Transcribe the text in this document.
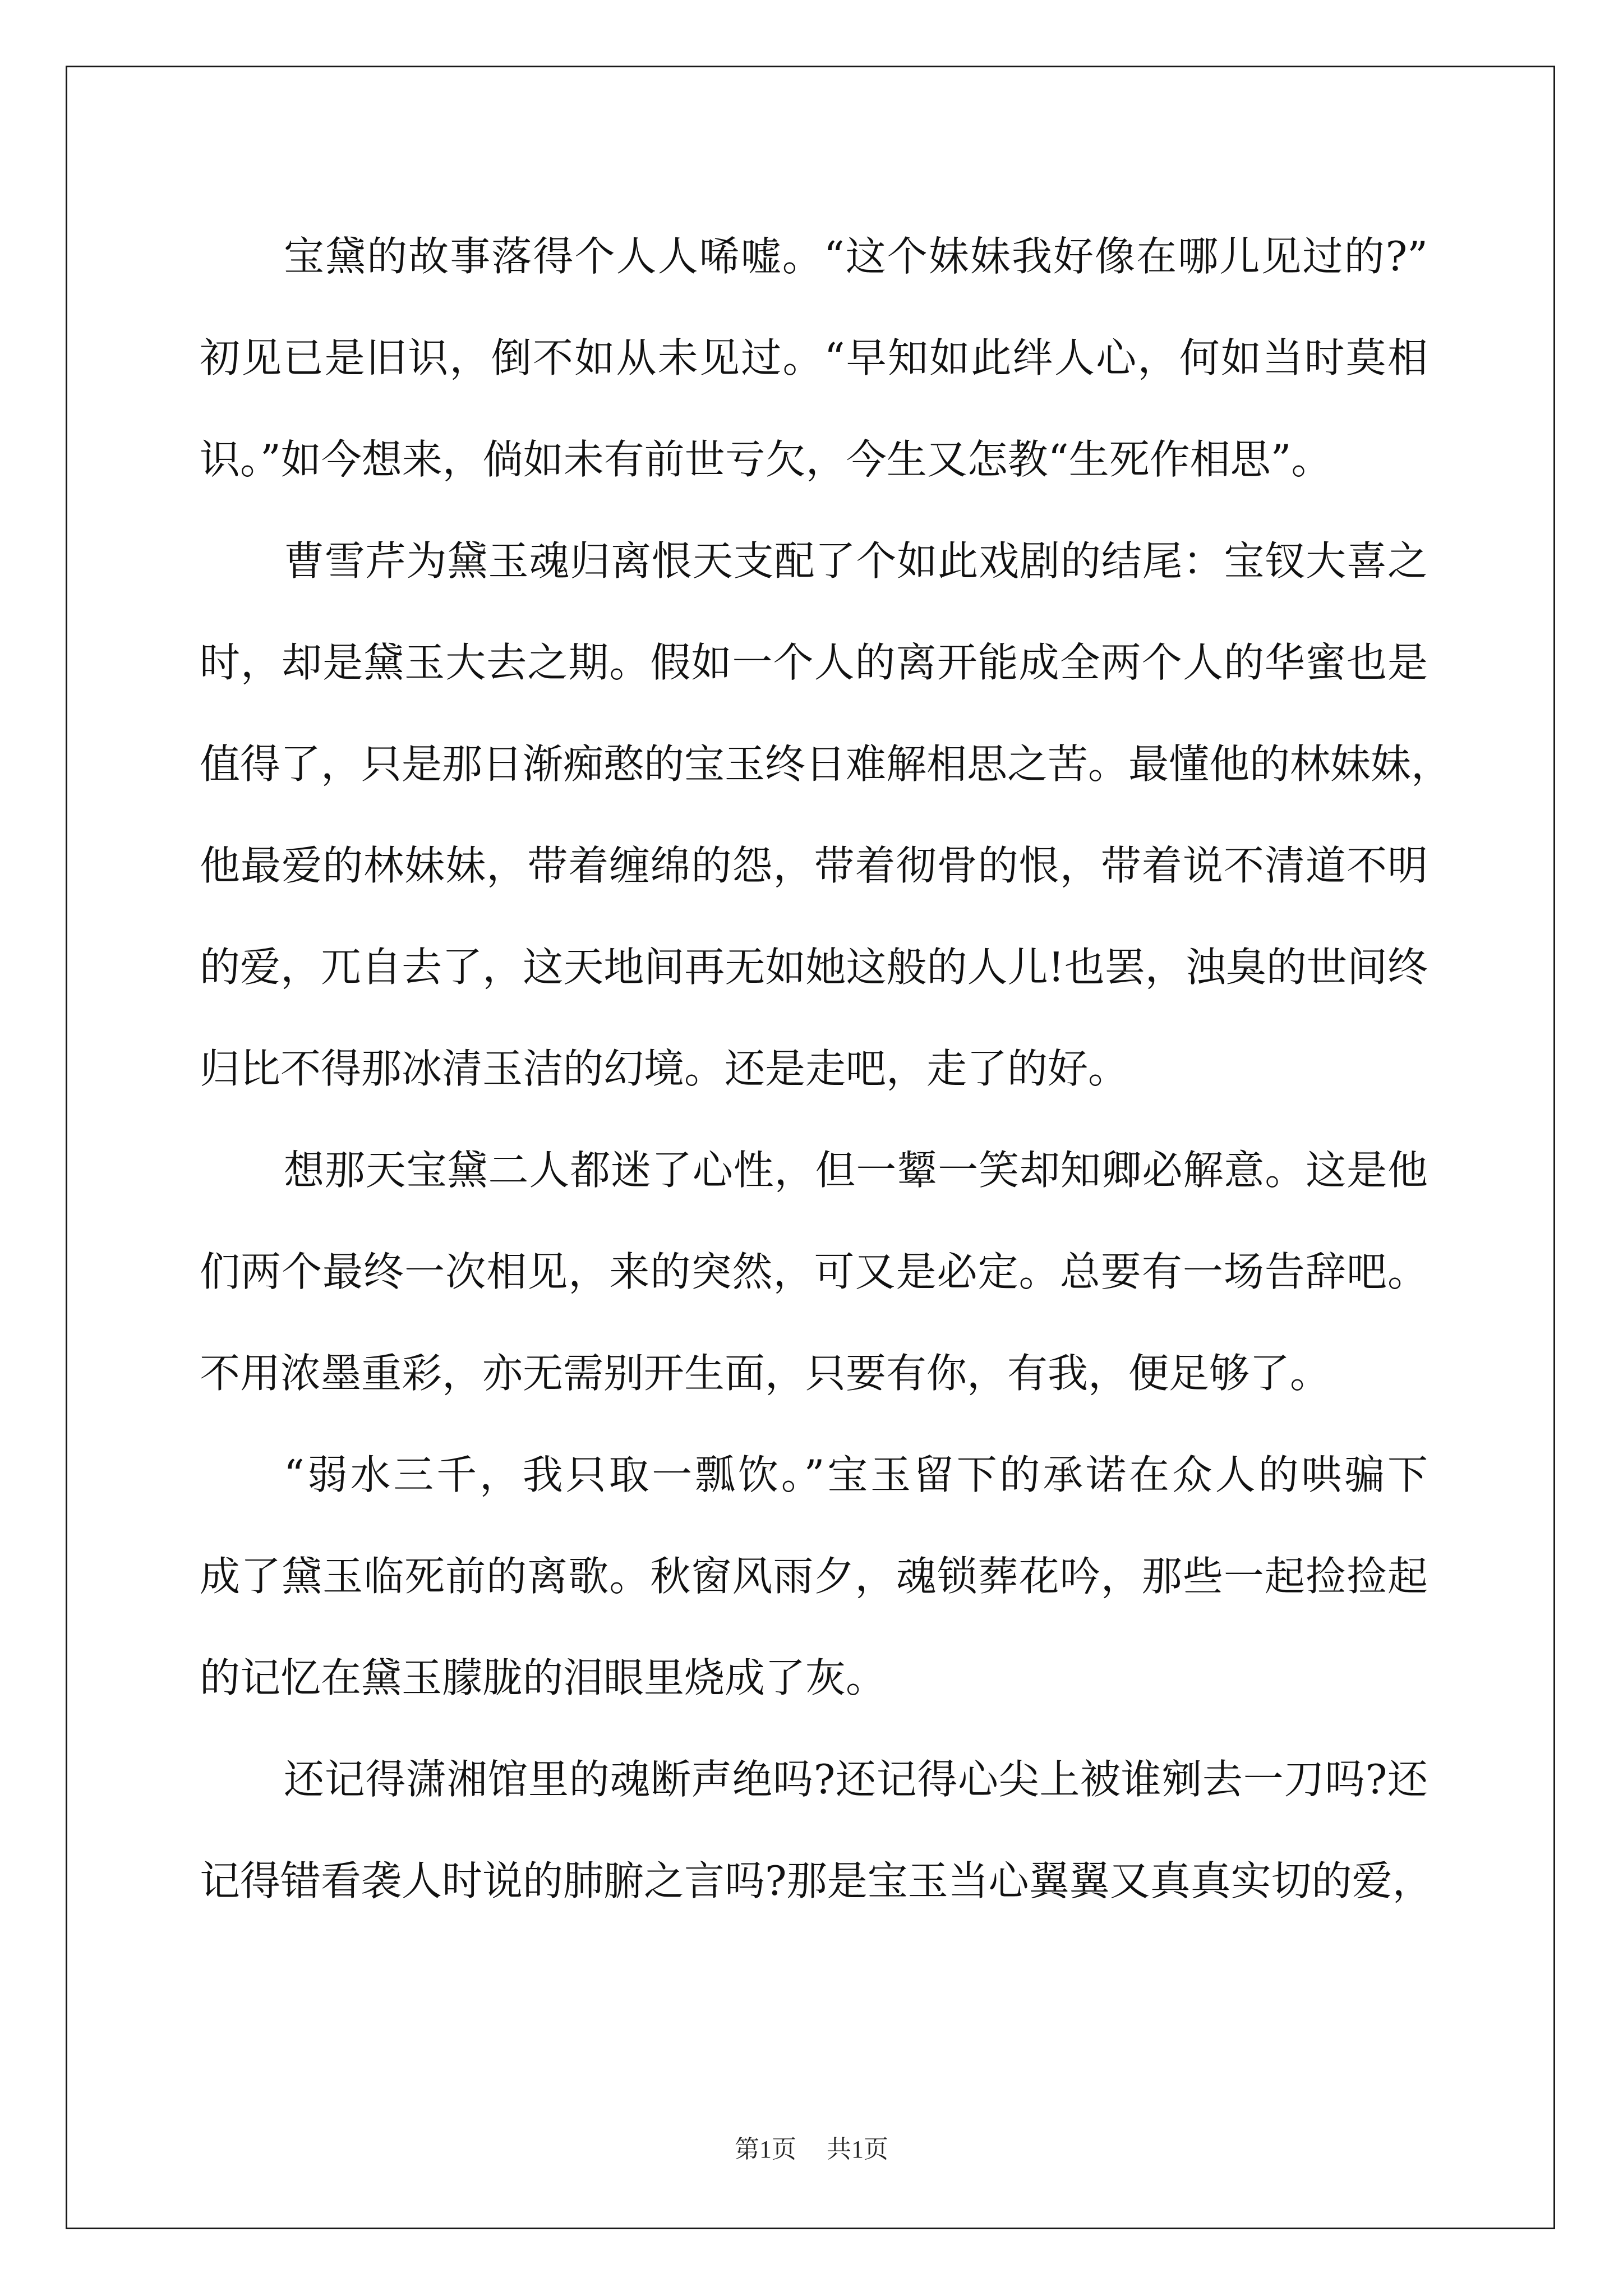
宝黛的故事落得个人人唏嘘。“这个妹妹我好像在哪儿见过的?”
初见已是旧识，倒不如从未见过。“早知如此绊人心，何如当时莫相
识。”如今想来，倘如未有前世亏欠，今生又怎教“生死作相思”。
曹雪芹为黛玉魂归离恨天支配了个如此戏剧的结尾：宝钗大喜之
时，却是黛玉大去之期。假如一个人的离开能成全两个人的华蜜也是
值得了，只是那日渐痴憨的宝玉终日难解相思之苦。最懂他的林妹妹，
他最爱的林妹妹，带着缠绵的怨，带着彻骨的恨，带着说不清道不明
的爱，兀自去了，这天地间再无如她这般的人儿!也罢，浊臭的世间终
归比不得那冰清玉洁的幻境。还是走吧，走了的好。
想那天宝黛二人都迷了心性，但一颦一笑却知卿必解意。这是他
们两个最终一次相见，来的突然，可又是必定。总要有一场告辞吧。
不用浓墨重彩，亦无需别开生面，只要有你，有我，便足够了。
“弱水三千，我只取一瓢饮。”宝玉留下的承诺在众人的哄骗下
成了黛玉临死前的离歌。秋窗风雨夕，魂锁葬花吟，那些一起捡捡起
的记忆在黛玉朦胧的泪眼里烧成了灰。
还记得潇湘馆里的魂断声绝吗?还记得心尖上被谁剜去一刀吗?还
记得错看袭人时说的肺腑之言吗?那是宝玉当心翼翼又真真实切的爱，
第1页 共1页
